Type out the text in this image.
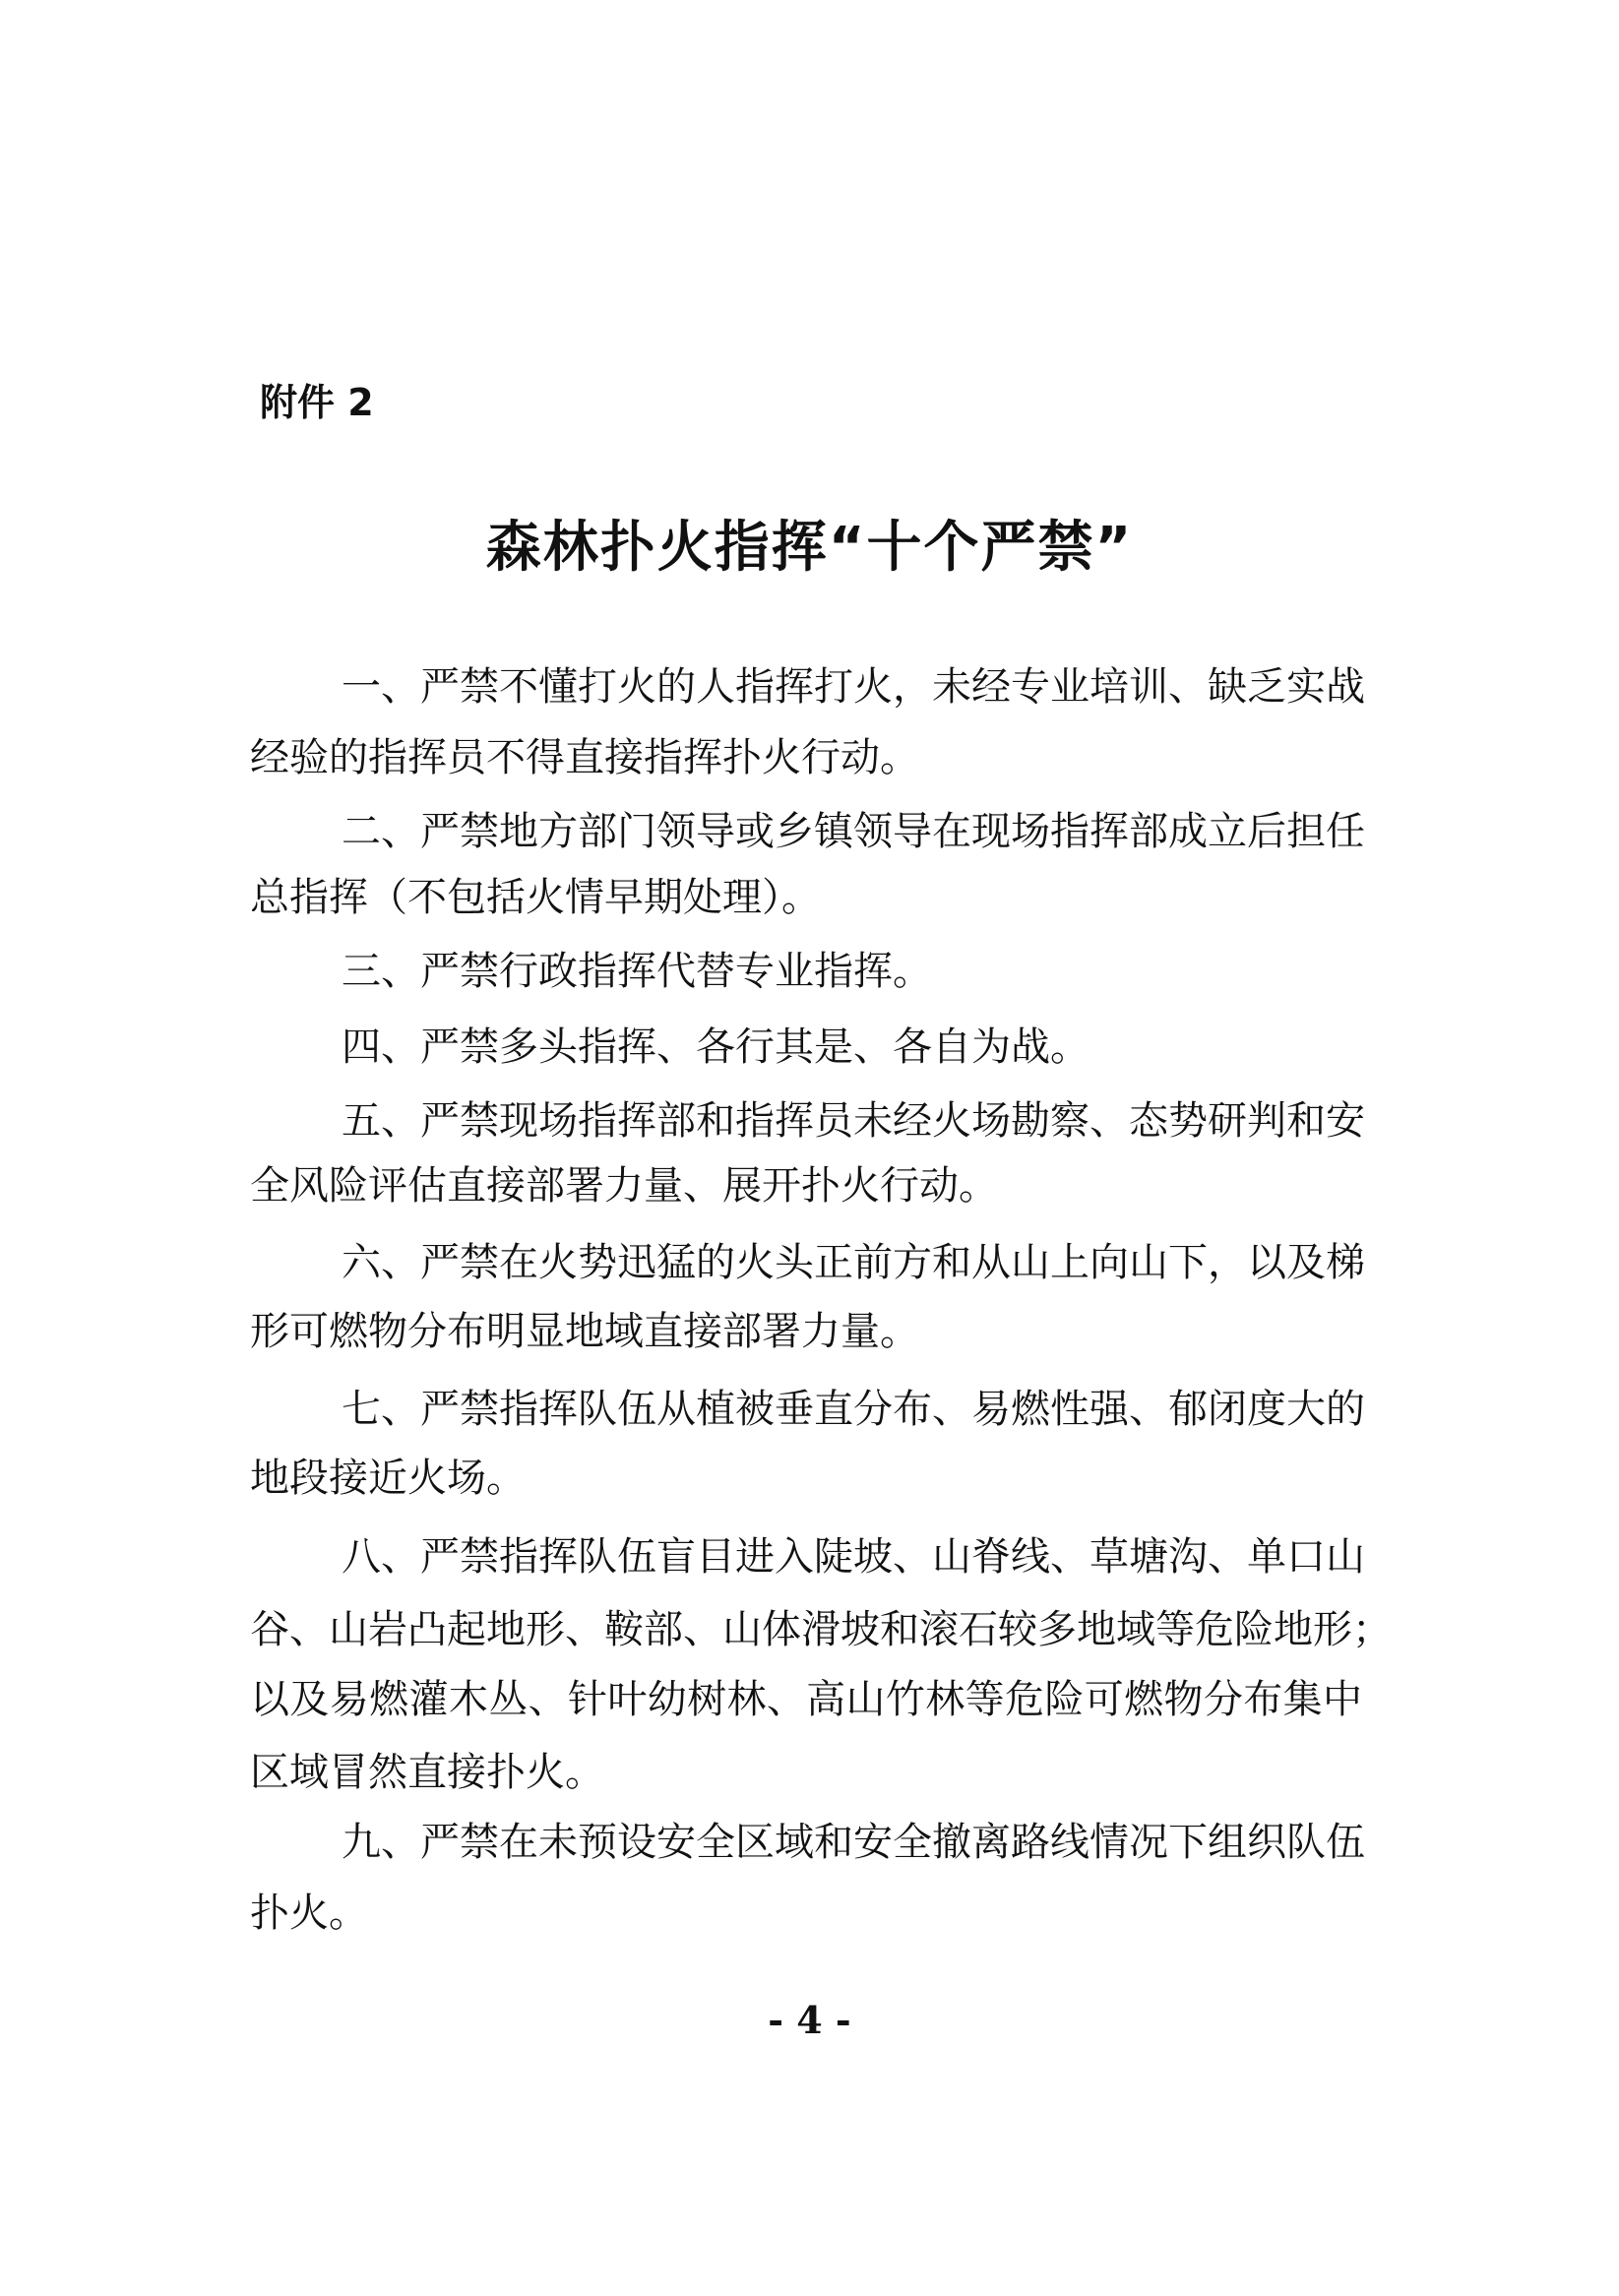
附件 2
森林扑火指挥“十个严禁”
一、严禁不懂打火的人指挥打火，未经专业培训、缺乏实战
经验的指挥员不得直接指挥扑火行动。
二、严禁地方部门领导或乡镇领导在现场指挥部成立后担任
总指挥（不包括火情早期处理）。
三、严禁行政指挥代替专业指挥。
四、严禁多头指挥、各行其是、各自为战。
五、严禁现场指挥部和指挥员未经火场勘察、态势研判和安
全风险评估直接部署力量、展开扑火行动。
六、严禁在火势迅猛的火头正前方和从山上向山下，以及梯
形可燃物分布明显地域直接部署力量。
七、严禁指挥队伍从植被垂直分布、易燃性强、郁闭度大的
地段接近火场。
八、严禁指挥队伍盲目进入陡坡、山脊线、草塘沟、单口山
谷、山岩凸起地形、鞍部、山体滑坡和滚石较多地域等危险地形；
以及易燃灌木丛、针叶幼树林、高山竹林等危险可燃物分布集中
区域冒然直接扑火。
九、严禁在未预设安全区域和安全撤离路线情况下组织队伍
扑火。
- 4 -
